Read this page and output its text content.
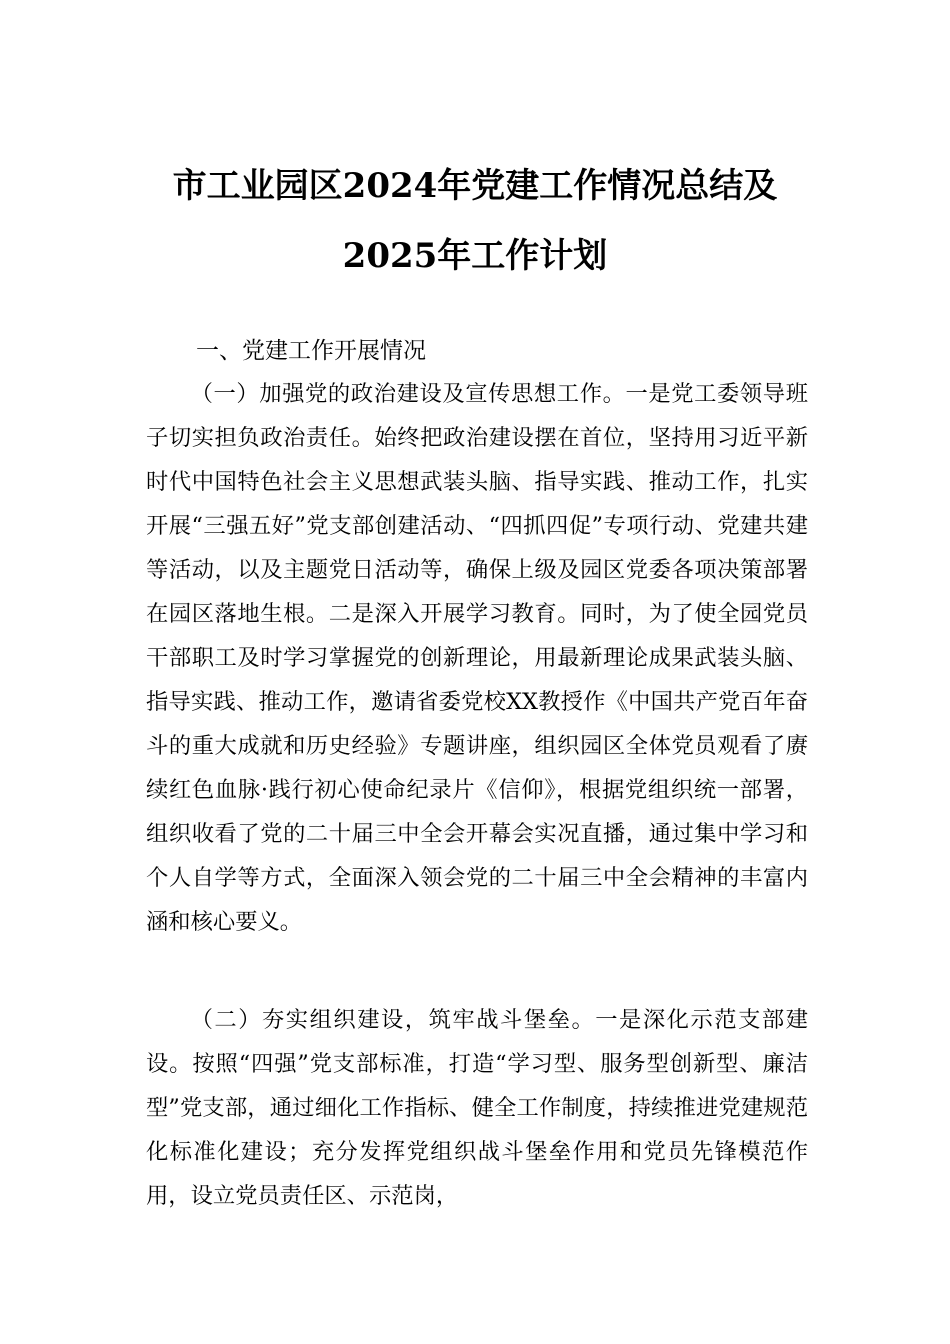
市工业园区2024年党建工作情况总结及
2025年工作计划
一、党建工作开展情况

（一）加强党的政治建设及宣传思想工作。一是党工委领导班子切实担负政治责任。始终把政治建设摆在首位，坚持用习近平新时代中国特色社会主义思想武装头脑、指导实践、推动工作，扎实开展“三强五好”党支部创建活动、“四抓四促”专项行动、党建共建等活动，以及主题党日活动等，确保上级及园区党委各项决策部署在园区落地生根。二是深入开展学习教育。同时，为了使全园党员干部职工及时学习掌握党的创新理论，用最新理论成果武装头脑、指导实践、推动工作，邀请省委党校XX教授作《中国共产党百年奋斗的重大成就和历史经验》专题讲座，组织园区全体党员观看了赓续红色血脉·践行初心使命纪录片《信仰》，根据党组织统一部署，组织收看了党的二十届三中全会开幕会实况直播，通过集中学习和个人自学等方式，全面深入领会党的二十届三中全会精神的丰富内涵和核心要义。

（二）夯实组织建设，筑牢战斗堡垒。一是深化示范支部建设。按照“四强”党支部标准，打造“学习型、服务型创新型、廉洁型”党支部，通过细化工作指标、健全工作制度，持续推进党建规范化标准化建设；充分发挥党组织战斗堡垒作用和党员先锋模范作用，设立党员责任区、示范岗，
